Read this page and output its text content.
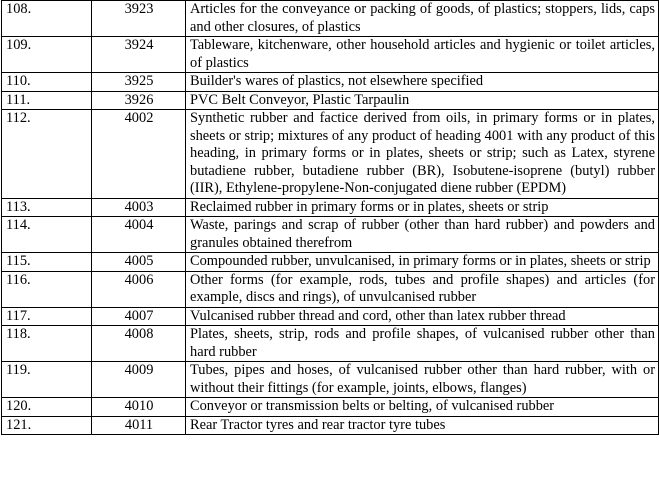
108.	3923	Articles for the conveyance or packing of goods, of plastics; stoppers, lids, caps and other closures, of plastics
109.	3924	Tableware, kitchenware, other household articles and hygienic or toilet articles, of plastics
110.	3925	Builder's wares of plastics, not elsewhere specified
111.	3926	PVC Belt Conveyor, Plastic Tarpaulin
112.	4002	Synthetic rubber and factice derived from oils, in primary forms or in plates, sheets or strip; mixtures of any product of heading 4001 with any product of this heading, in primary forms or in plates, sheets or strip; such as Latex, styrene butadiene rubber, butadiene rubber (BR), Isobutene-isoprene (butyl) rubber (IIR), Ethylene-propylene-Non-conjugated diene rubber (EPDM)
113.	4003	Reclaimed rubber in primary forms or in plates, sheets or strip
114.	4004	Waste, parings and scrap of rubber (other than hard rubber) and powders and granules obtained therefrom
115.	4005	Compounded rubber, unvulcanised, in primary forms or in plates, sheets or strip
116.	4006	Other forms (for example, rods, tubes and profile shapes) and articles (for example, discs and rings), of unvulcanised rubber
117.	4007	Vulcanised rubber thread and cord, other than latex rubber thread
118.	4008	Plates, sheets, strip, rods and profile shapes, of vulcanised rubber other than hard rubber
119.	4009	Tubes, pipes and hoses, of vulcanised rubber other than hard rubber, with or without their fittings (for example, joints, elbows, flanges)
120.	4010	Conveyor or transmission belts or belting, of vulcanised rubber
121.	4011	Rear Tractor tyres and rear tractor tyre tubes
